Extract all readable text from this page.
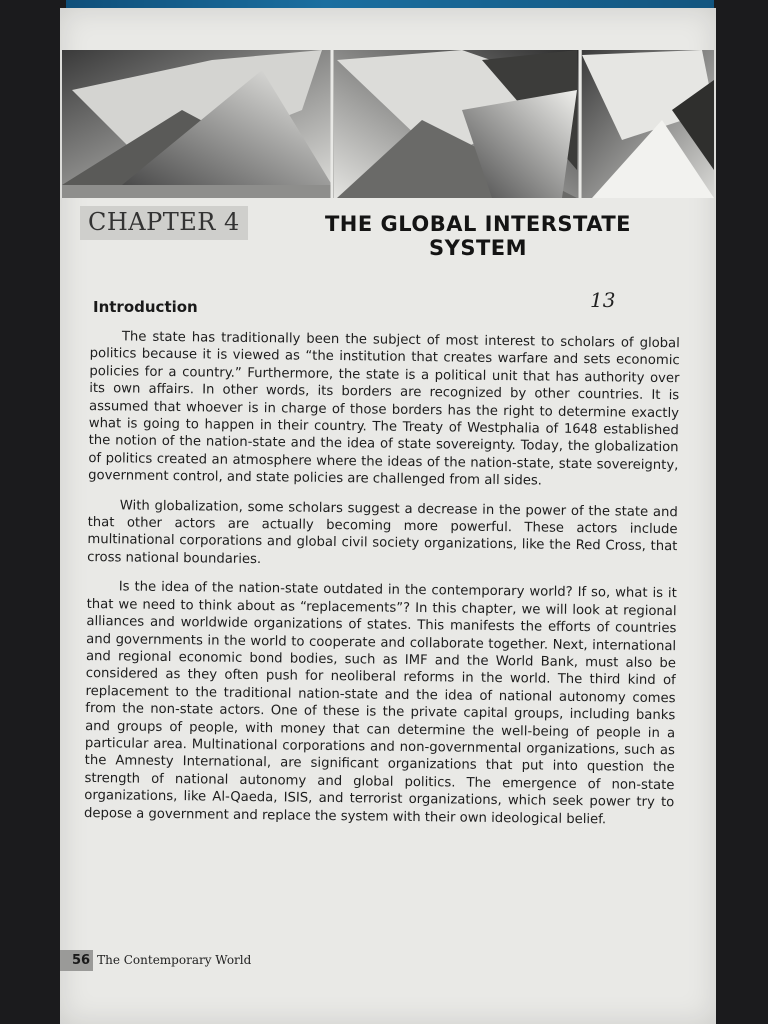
CHAPTER 4	THE GLOBAL INTERSTATE SYSTEM
Introduction	13

The state has traditionally been the subject of most interest to scholars of global politics because it is viewed as “the institution that creates warfare and sets economic policies for a country.” Furthermore, the state is a political unit that has authority over its own affairs. In other words, its borders are recognized by other countries. It is assumed that whoever is in charge of those borders has the right to determine exactly what is going to happen in their country. The Treaty of Westphalia of 1648 established the notion of the nation-state and the idea of state sovereignty. Today, the globalization of politics created an atmosphere where the ideas of the nation-state, state sovereignty, government control, and state policies are challenged from all sides.

With globalization, some scholars suggest a decrease in the power of the state and that other actors are actually becoming more powerful. These actors include multinational corporations and global civil society organizations, like the Red Cross, that cross national boundaries.

Is the idea of the nation-state outdated in the contemporary world? If so, what is it that we need to think about as “replacements”? In this chapter, we will look at regional alliances and worldwide organizations of states. This manifests the efforts of countries and governments in the world to cooperate and collaborate together. Next, international and regional economic bond bodies, such as IMF and the World Bank, must also be considered as they often push for neoliberal reforms in the world. The third kind of replacement to the traditional nation-state and the idea of national autonomy comes from the non-state actors. One of these is the private capital groups, including banks and groups of people, with money that can determine the well-being of people in a particular area. Multinational corporations and non-governmental organizations, such as the Amnesty International, are significant organizations that put into question the strength of national autonomy and global politics. The emergence of non-state organizations, like Al-Qaeda, ISIS, and terrorist organizations, which seek power try to depose a government and replace the system with their own ideological belief.

56 The Contemporary World
